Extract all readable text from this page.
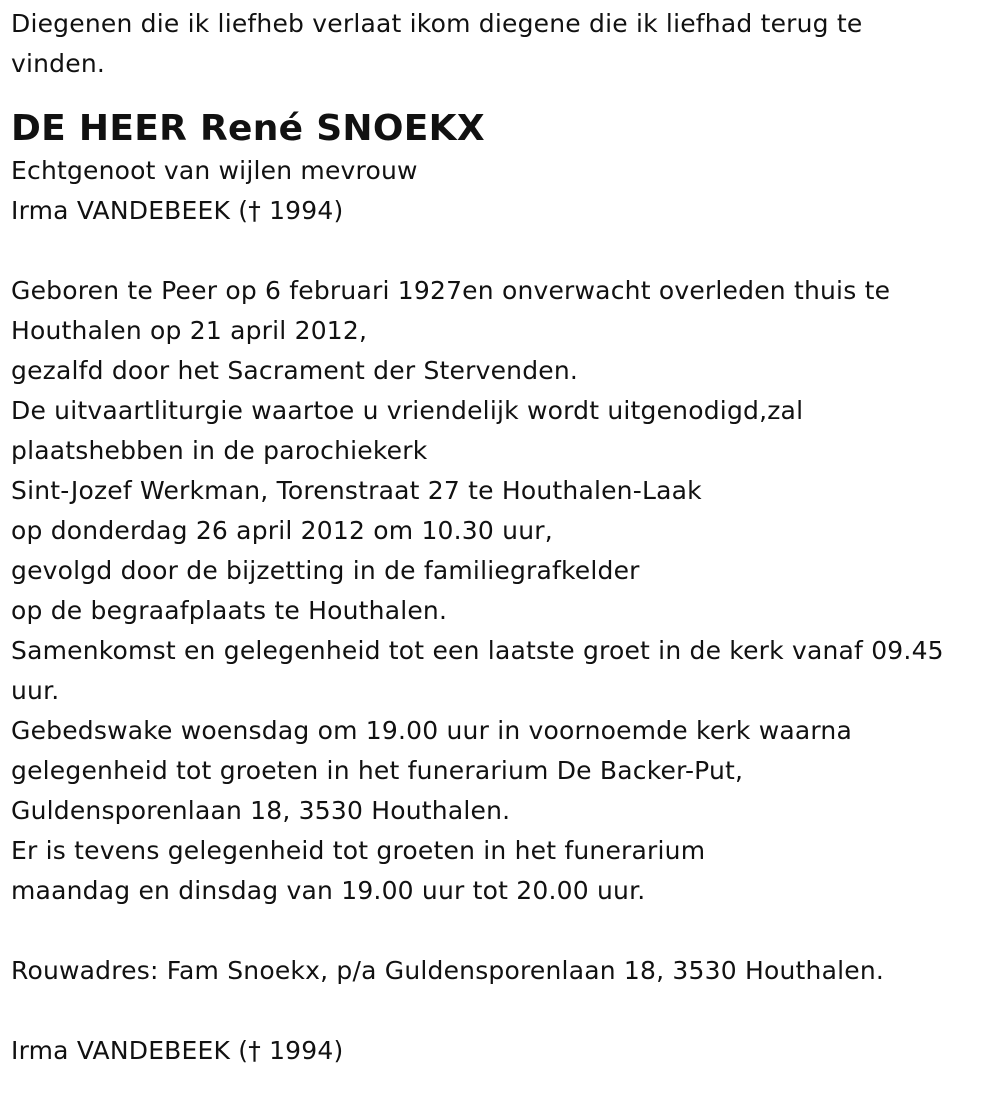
Diegenen die ik liefheb verlaat ikom diegene die ik liefhad terug te
vinden.
DE HEER René SNOEKX
Echtgenoot van wijlen mevrouw
Irma VANDEBEEK († 1994)
Geboren te Peer op 6 februari 1927en onverwacht overleden thuis te
Houthalen op 21 april 2012,
gezalfd door het Sacrament der Stervenden.
De uitvaartliturgie waartoe u vriendelijk wordt uitgenodigd,zal
plaatshebben in de parochiekerk
Sint-Jozef Werkman, Torenstraat 27 te Houthalen-Laak
op donderdag 26 april 2012 om 10.30 uur,
gevolgd door de bijzetting in de familiegrafkelder
op de begraafplaats te Houthalen.
Samenkomst en gelegenheid tot een laatste groet in de kerk vanaf 09.45
uur.
Gebedswake woensdag om 19.00 uur in voornoemde kerk waarna
gelegenheid tot groeten in het funerarium De Backer-Put,
Guldensporenlaan 18, 3530 Houthalen.
Er is tevens gelegenheid tot groeten in het funerarium
maandag en dinsdag van 19.00 uur tot 20.00 uur.
Rouwadres: Fam Snoekx, p/a Guldensporenlaan 18, 3530 Houthalen.
Irma VANDEBEEK († 1994)
